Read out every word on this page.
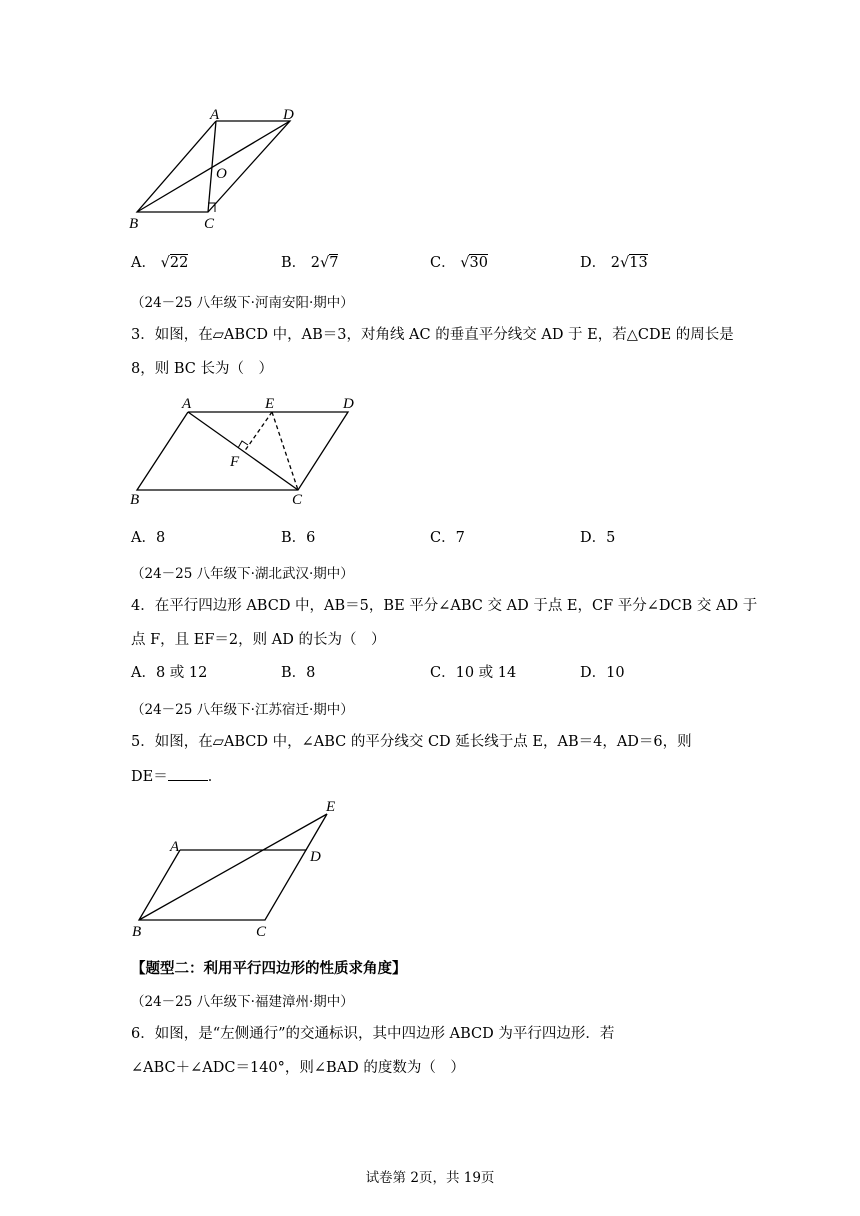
A	D
O
B	C
A． √22	B． 2√7	C． √30	D． 2√13
（24－25 八年级下·河南安阳·期中）
3．如图，在▱ABCD 中，AB＝3，对角线 AC 的垂直平分线交 AD 于 E，若△CDE 的周长是
8，则 BC 长为（　）
A	E	D
F
B	C
A．8	B．6	C．7	D．5
（24－25 八年级下·湖北武汉·期中）
4．在平行四边形 ABCD 中，AB＝5，BE 平分∠ABC 交 AD 于点 E，CF 平分∠DCB 交 AD 于
点 F，且 EF＝2，则 AD 的长为（　）
A．8 或 12	B．8	C．10 或 14	D．10
（24－25 八年级下·江苏宿迁·期中）
5．如图，在▱ABCD 中，∠ABC 的平分线交 CD 延长线于点 E，AB＝4，AD＝6，则
DE＝	．
E
A
D
B	C
【题型二：利用平行四边形的性质求角度】
（24－25 八年级下·福建漳州·期中）
6．如图，是“左侧通行”的交通标识，其中四边形 ABCD 为平行四边形．若
∠ABC＋∠ADC＝140°，则∠BAD 的度数为（　）
试卷第 2页，共 19页
